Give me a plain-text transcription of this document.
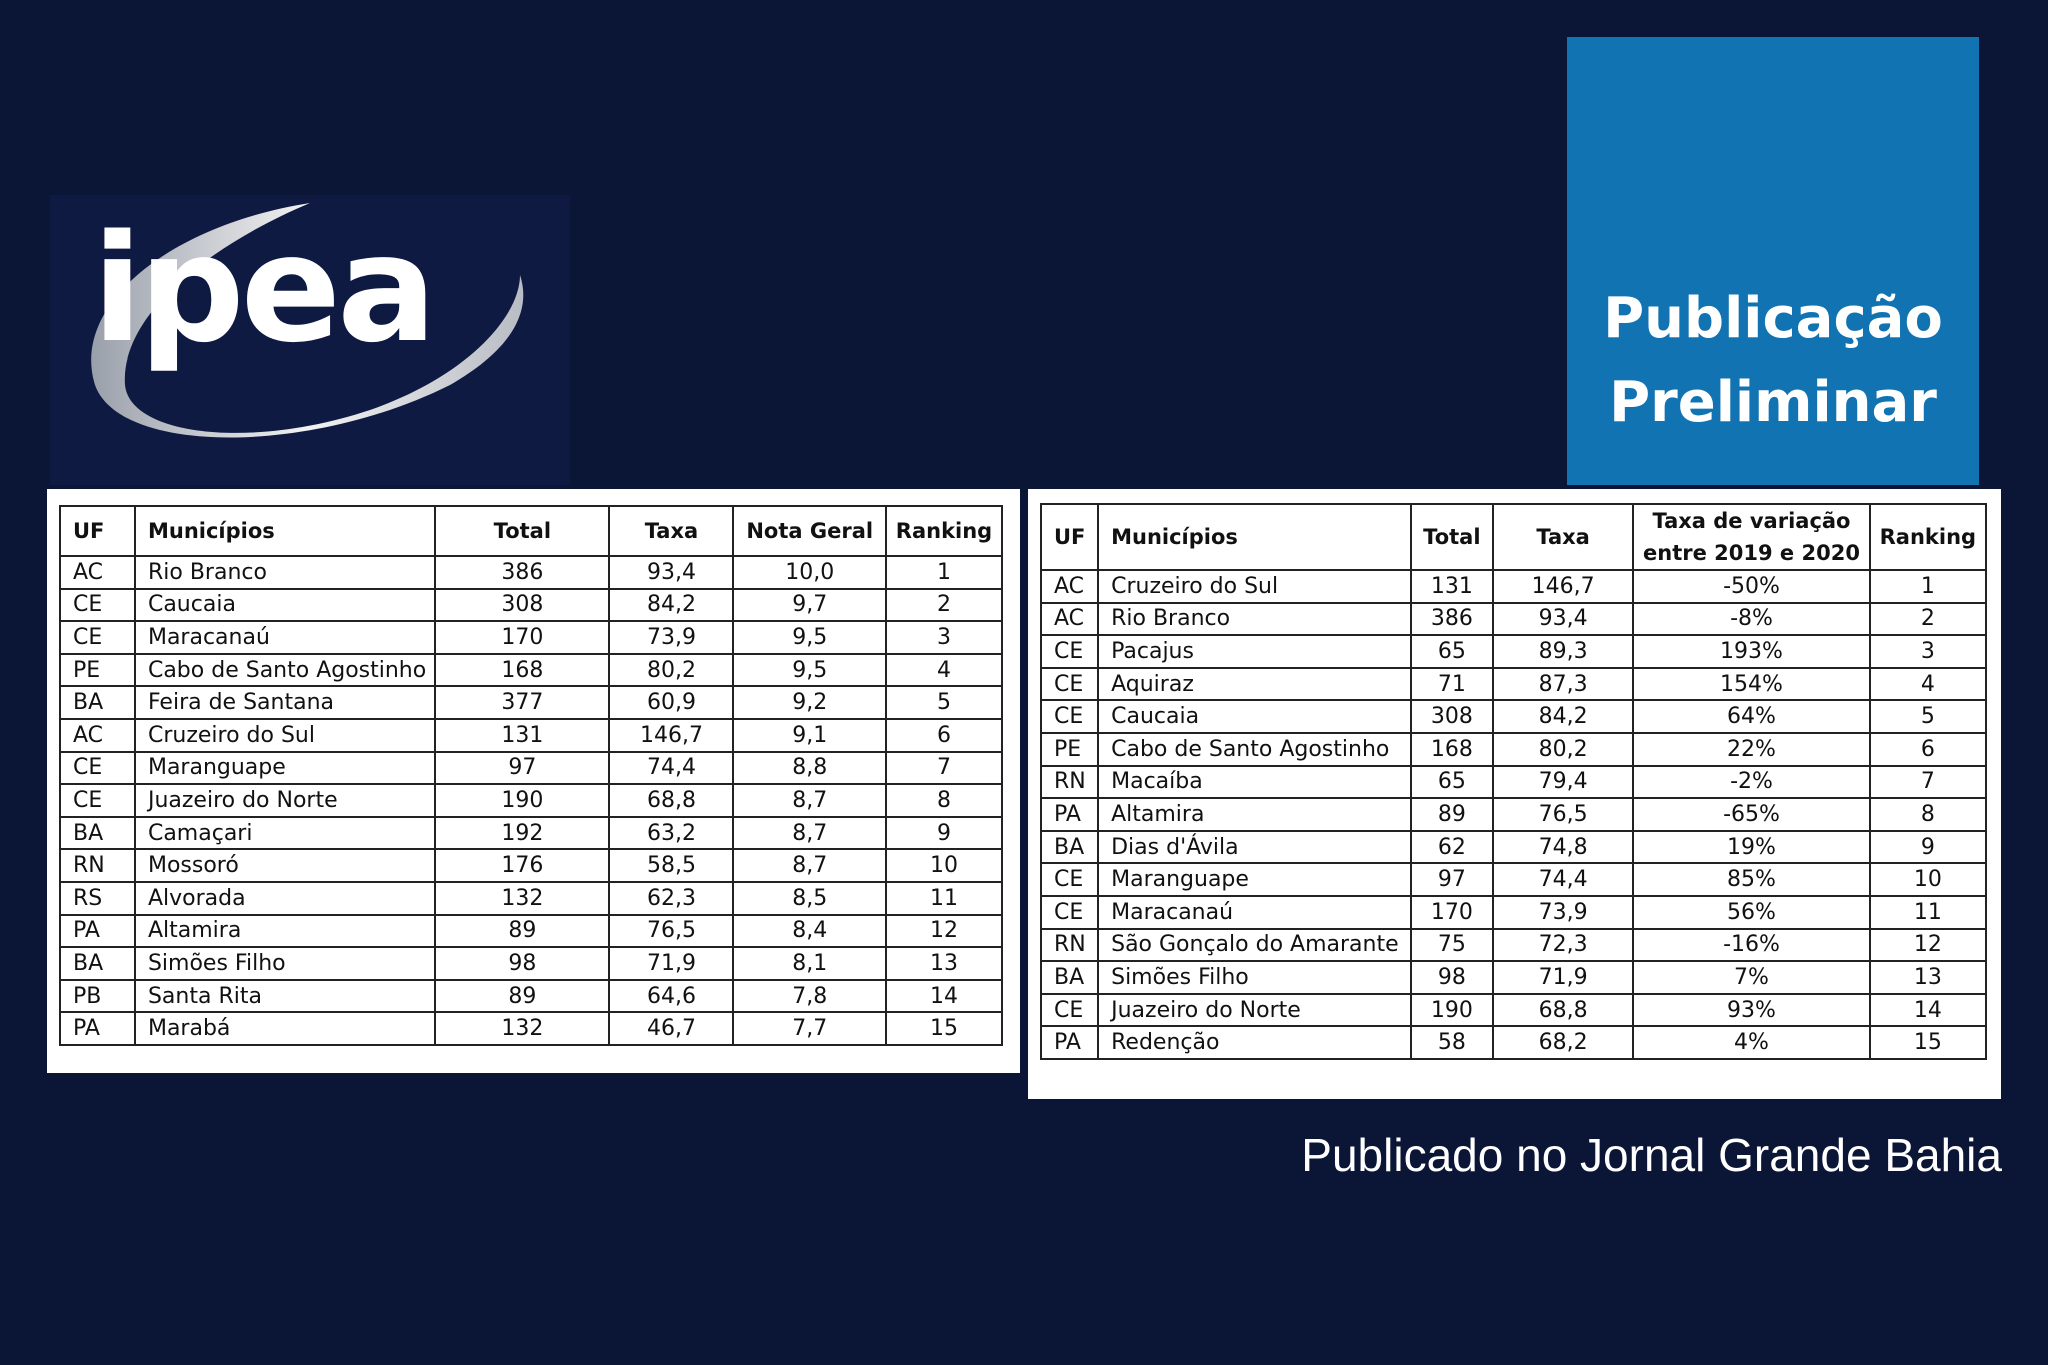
ipea	Publicação
Preliminar
UF	Municípios	Total	Taxa	Nota Geral	Ranking
AC	Rio Branco	386	93,4	10,0	1
CE	Caucaia	308	84,2	9,7	2
CE	Maracanaú	170	73,9	9,5	3
PE	Cabo de Santo Agostinho	168	80,2	9,5	4
BA	Feira de Santana	377	60,9	9,2	5
AC	Cruzeiro do Sul	131	146,7	9,1	6
CE	Maranguape	97	74,4	8,8	7
CE	Juazeiro do Norte	190	68,8	8,7	8
BA	Camaçari	192	63,2	8,7	9
RN	Mossoró	176	58,5	8,7	10
RS	Alvorada	132	62,3	8,5	11
PA	Altamira	89	76,5	8,4	12
BA	Simões Filho	98	71,9	8,1	13
PB	Santa Rita	89	64,6	7,8	14
PA	Marabá	132	46,7	7,7	15
UF	Municípios	Total	Taxa	Taxa de variação entre 2019 e 2020	Ranking
AC	Cruzeiro do Sul	131	146,7	-50%	1
AC	Rio Branco	386	93,4	-8%	2
CE	Pacajus	65	89,3	193%	3
CE	Aquiraz	71	87,3	154%	4
CE	Caucaia	308	84,2	64%	5
PE	Cabo de Santo Agostinho	168	80,2	22%	6
RN	Macaíba	65	79,4	-2%	7
PA	Altamira	89	76,5	-65%	8
BA	Dias d'Ávila	62	74,8	19%	9
CE	Maranguape	97	74,4	85%	10
CE	Maracanaú	170	73,9	56%	11
RN	São Gonçalo do Amarante	75	72,3	-16%	12
BA	Simões Filho	98	71,9	7%	13
CE	Juazeiro do Norte	190	68,8	93%	14
PA	Redenção	58	68,2	4%	15
Publicado no Jornal Grande Bahia
